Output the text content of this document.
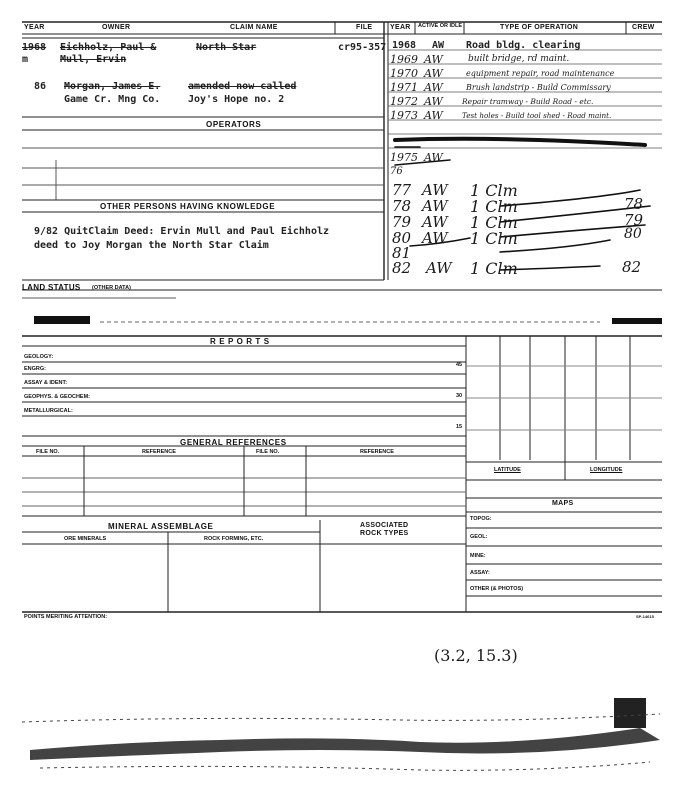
YEAR	OWNER	CLAIM NAME	FILE	YEAR ACTIVE OR IDLE	TYPE OF OPERATION	CREW
1968 Eichholz, Paul &	North Star	cr95-357
m	Mull, Ervin
86 Morgan, James E.	amended now called
Game Cr. Mng Co.	Joy's Hope no. 2
OPERATORS
OTHER PERSONS HAVING KNOWLEDGE
9/82 QuitClaim Deed: Ervin Mull and Paul Eichholz
deed to Joy Morgan the North Star Claim
1968 AW Road bldg. clearing
1969 AW	built bridge, rd maint.
1970 AW	equipment repair, road maintenance
1971 AW	Brush landstrip - Build Commissary
1972 AW	Repair tramway - Build Road - etc.
1973 AW	Test holes - Build tool shed - Road maint.
1975 AW
76
77 AW 1 Clm
78 AW 1 Clm	78
79 AW 1 Clm	79
80 AW 1 Clm	80
81
82 AW 1 Clm	82
LAND STATUS (OTHER DATA)
R E P O R T S
GEOLOGY:
45
ENGRG:
ASSAY & IDENT:
30
GEOPHYS. & GEOCHEM:
METALLURGICAL:
15
GENERAL REFERENCES
FILE NO.	REFERENCE	FILE NO.	REFERENCE
MINERAL ASSEMBLAGE
ORE MINERALS	ROCK FORMING, ETC.
ASSOCIATED
ROCK TYPES
LATITUDE	LONGITUDE
MAPS
TOPOG:
GEOL:
MINE:
ASSAY:
OTHER (& PHOTOS)
POINTS MERITING ATTENTION:	SP-14615
(3.2, 15.3)
